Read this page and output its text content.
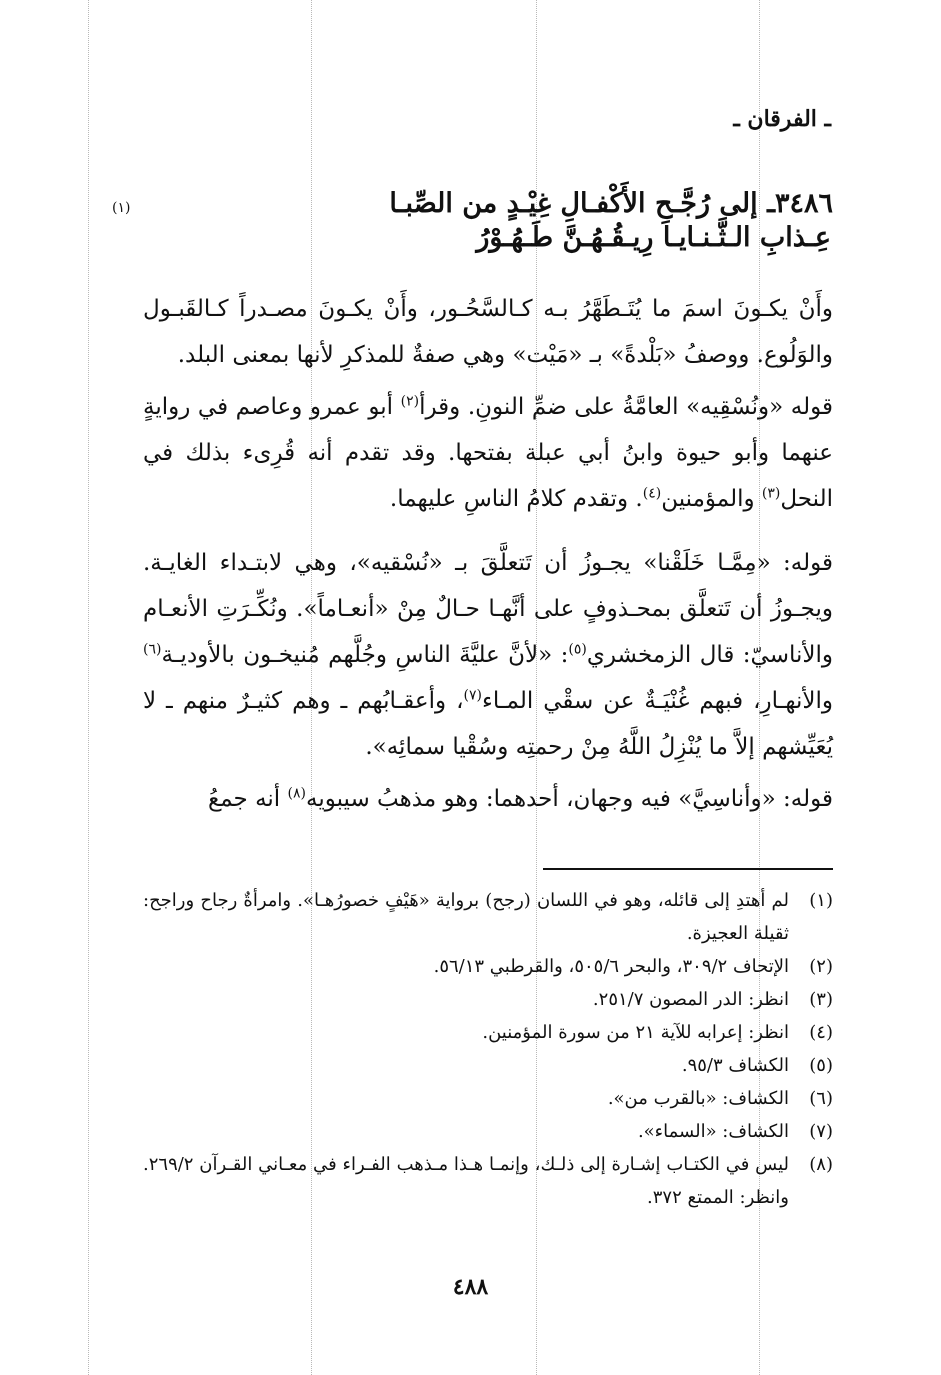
ـ الفرقان ـ
٣٤٨٦ـ إلى رُجَّـحِ الأَكْفـالِ غِيْـدٍ من الصِّبـا
(١)
عِـذابِ الـثَّـنـايـا رِيـقُـهُـنَّ طَـهُـوْرُ

وأَنْ يكـونَ اسمَ ما يُتَـطَهَّرُ بـه كـالسَّحُـور، وأَنْ يكـونَ مصـدراً كـالقَبـول والوَلُوع. ووصفُ «بَلْدةً» بـ «مَيْت» وهي صفةٌ للمذكرِ لأنها بمعنى البلد.

قوله «ونُسْقِيه» العامَّةُ على ضمِّ النونِ. وقرأ$^{(٢)}$ أبو عمرو وعاصم في روايةٍ عنهما وأبو حيوة وابنُ أبي عبلة بفتحها. وقد تقدم أنه قُرِىء بذلك في النحل$^{(٣)}$ والمؤمنين$^{(٤)}$. وتقدم كلامُ الناسِ عليهما.

قوله: «مِمَّـا خَلَقْنا» يجـوزُ أن تَتعلَّقَ بـ «نُسْقيه»، وهي لابتـداء الغايـة. ويجـوزُ أن تَتعلَّق بمحـذوفٍ على أنَّهـا حـالٌ مِنْ «أنعـاماً». ونُكِّـرَتِ الأنعـام والأناسيّ: قال الزمخشري$^{(٥)}$: «لأنَّ عليَّةَ الناسِ وجُلَّهم مُنيخـون بالأوديـة$^{(٦)}$ والأنهـارِ، فبهم غُنْيَـةٌ عن سقْي المـاء$^{(٧)}$، وأعقـابُهم ـ وهم كثيـرٌ منهم ـ لا يُعَيِّشهم إلاَّ ما يُنْزِلُ اللَّهُ مِنْ رحمتِه وسُقْيا سمائِه».

قوله: «وأناسِيَّ» فيه وجهان، أحدهما: وهو مذهبُ سيبويه$^{(٨)}$ أنه جمعُ

(١)
لم أهتدِ إلى قائله، وهو في اللسان (رجح) برواية «هَيْفٍ خصورُهـا». وامرأةٌ رجاح وراجح: ثقيلة العجيزة.
(٢)
الإتحاف ٣٠٩/٢، والبحر ٥٠٥/٦، والقرطبي ٥٦/١٣.
(٣)
انظر: الدر المصون ٢٥١/٧.
(٤)
انظر: إعرابه للآية ٢١ من سورة المؤمنين.
(٥)
الكشاف ٩٥/٣.
(٦)
الكشاف: «بالقرب من».
(٧)
الكشاف: «السماء».
(٨)
ليس في الكتـاب إشـارة إلى ذلـك، وإنمـا هـذا مـذهب الفـراء في معـاني القـرآن ٢٦٩/٢. وانظر: الممتع ٣٧٢.
٤٨٨
